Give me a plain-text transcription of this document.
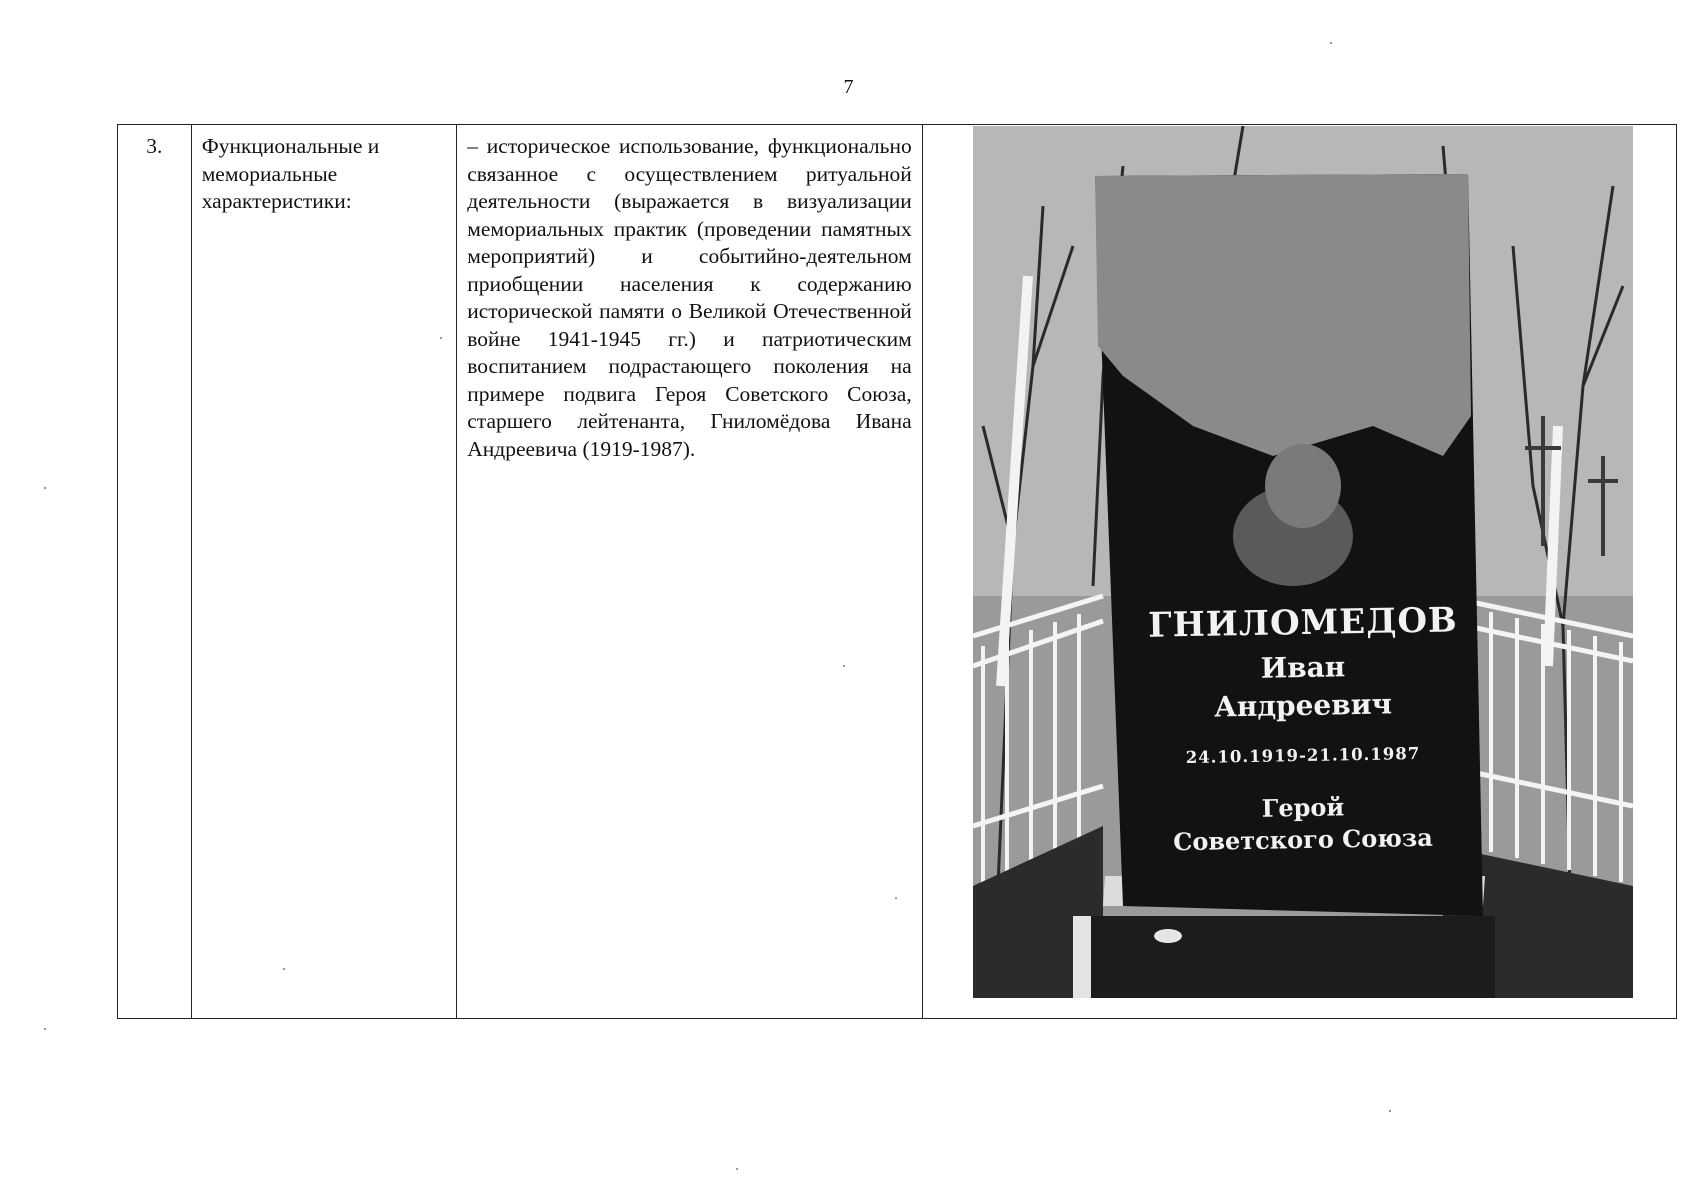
7
3.	Функциональные и мемориальные характеристики:	– историческое использование, функционально связанное с осуществлением ритуальной деятельности (выражается в визуализации мемориальных практик (проведении памятных мероприятий) и событийно-деятельном приобщении населения к содержанию исторической памяти о Великой Отечественной войне 1941-1945 гг.) и патриотическим воспитанием подрастающего поколения на примере подвига Героя Советского Союза, старшего лейтенанта, Гниломёдова Ивана Андреевича (1919-1987).	
ГНИЛОМЕДОВ
Иван
Андреевич
24.10.1919-21.10.1987
Герой
Советского Союза
